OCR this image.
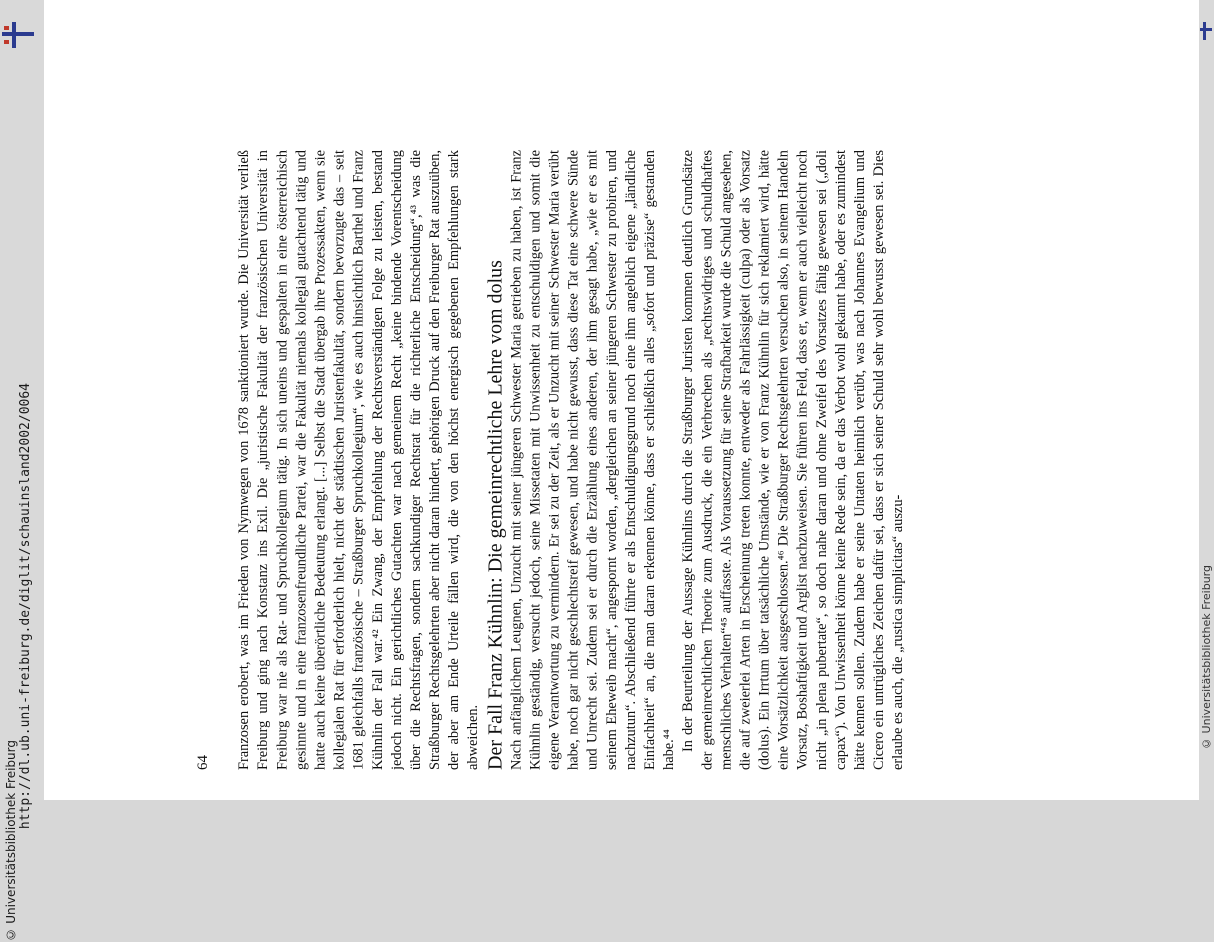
http://dl.ub.uni-freiburg.de/diglit/schauinsland2002/0064
© Universitätsbibliothek Freiburg
© Universitätsbibliothek Freiburg

64 Franzosen erobert, was im Frieden von Nymwegen von 1678 sanktioniert wurde. Die Universität verließ Freiburg und ging nach Konstanz ins Exil. Die „juristische Fakultät der französischen Universität in Freiburg war nie als Rat- und Spruchkollegium tätig. In sich uneins und gespalten in eine österreichisch gesinnte und in eine franzosenfreundliche Partei, war die Fakultät niemals kollegial gutachtend tätig und hatte auch keine überörtliche Bedeutung erlangt. [...] Selbst die Stadt übergab ihre Prozessakten, wenn sie kollegialen Rat für erforderlich hielt, nicht der städtischen Juristenfakultät, sondern bevorzugte das – seit 1681 gleichfalls französische – Straßburger Spruchkollegium“, wie es auch hinsichtlich Barthel und Franz Kühnlin der Fall war.⁴² Ein Zwang, der Empfehlung der Rechtsverständigen Folge zu leisten, bestand jedoch nicht. Ein gerichtliches Gutachten war nach gemeinem Recht „keine bindende Vorentscheidung über die Rechtsfragen, sondern sachkundiger Rechtsrat für die richterliche Entscheidung“,⁴³ was die Straßburger Rechtsgelehrten aber nicht daran hindert, gehörigen Druck auf den Freiburger Rat auszuüben, der aber am Ende Urteile fällen wird, die von den höchst energisch gegebenen Empfehlungen stark abweichen. Der Fall Franz Kühnlin: Die gemeinrechtliche Lehre vom dolus Nach anfänglichem Leugnen, Unzucht mit seiner jüngeren Schwester Maria getrieben zu haben, ist Franz Kühnlin geständig, versucht jedoch, seine Missetaten mit Unwissenheit zu entschuldigen und somit die eigene Verantwortung zu vermindern. Er sei zu der Zeit, als er Unzucht mit seiner Schwester Maria verübt habe, noch gar nicht geschlechtsreif gewesen, und habe nicht gewusst, dass diese Tat eine schwere Sünde und Unrecht sei. Zudem sei er durch die Erzählung eines anderen, der ihm gesagt habe, „wie er es mit seinem Eheweib macht“, angespornt worden, „dergleichen an seiner jüngeren Schwester zu probiren, und nachzutun“. Abschließend führte er als Entschuldigungsgrund noch eine ihm angeblich eigene „ländliche Einfachheit“ an, die man daran erkennen könne, dass er schließlich alles „sofort und präzise“ gestanden habe.⁴⁴ In der Beurteilung der Aussage Kühnlins durch die Straßburger Juristen kommen deutlich Grundsätze der gemeinrechtlichen Theorie zum Ausdruck, die ein Verbrechen als „rechtswidriges und schuldhaftes menschliches Verhalten“⁴⁵ auffasste. Als Voraussetzung für seine Strafbarkeit wurde die Schuld angesehen, die auf zweierlei Arten in Erscheinung treten konnte, entweder als Fahrlässigkeit (culpa) oder als Vorsatz (dolus). Ein Irrtum über tatsächliche Umstände, wie er von Franz Kühnlin für sich reklamiert wird, hätte eine Vorsätzlichkeit ausgeschlossen.⁴⁶ Die Straßburger Rechtsgelehrten versuchen also, in seinem Handeln Vorsatz, Boshaftigkeit und Arglist nachzuweisen. Sie führen ins Feld, dass er, wenn er auch vielleicht noch nicht „in plena pubertate“, so doch nahe daran und ohne Zweifel des Vorsatzes fähig gewesen sei („doli capax“). Von Unwissenheit könne keine Rede sein, da er das Verbot wohl gekannt habe, oder es zumindest hätte kennen sollen. Zudem habe er seine Untaten heimlich verübt, was nach Johannes Evangelium und Cicero ein untrügliches Zeichen dafür sei, dass er sich seiner Schuld sehr wohl bewusst gewesen sei. Dies erlaube es auch, die „rustica simplicitas“ auszu-
